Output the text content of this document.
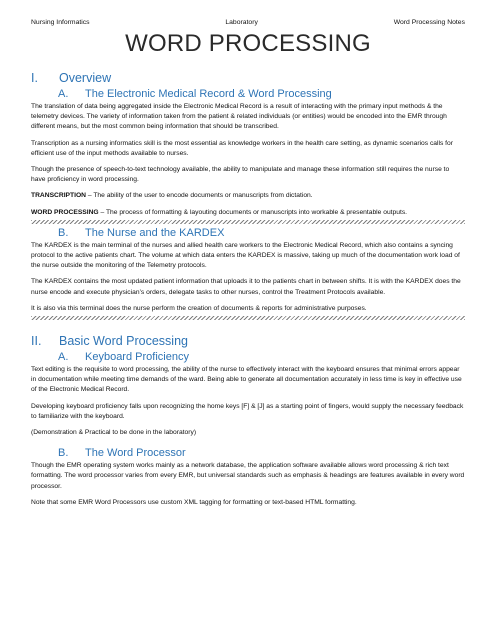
Nursing Informatics	Laboratory	Word Processing Notes
WORD PROCESSING
I.	Overview
A.	The Electronic Medical Record & Word Processing

The translation of data being aggregated inside the Electronic Medical Record is a result of interacting with the primary input methods & the telemetry devices. The variety of information taken from the patient & related individuals (or entities) would be encoded into the EMR through different means, but the most common being information that should be transcribed.

Transcription as a nursing informatics skill is the most essential as knowledge workers in the health care setting, as dynamic scenarios calls for efficient use of the input methods available to nurses.

Though the presence of speech-to-text technology available, the ability to manipulate and manage these information still requires the nurse to have proficiency in word processing.

TRANSCRIPTION – The ability of the user to encode documents or manuscripts from dictation.

WORD PROCESSING – The process of formatting & layouting documents or manuscripts into workable & presentable outputs.

B.	The Nurse and the KARDEX

The KARDEX is the main terminal of the nurses and allied health care workers to the Electronic Medical Record, which also contains a syncing protocol to the active patients chart. The volume at which data enters the KARDEX is massive, taking up much of the documentation work load of the nurse outside the monitoring of the Telemetry protocols.

The KARDEX contains the most updated patient information that uploads it to the patients chart in between shifts. It is with the KARDEX does the nurse encode and execute physician’s orders, delegate tasks to other nurses, control the Treatment Protocols available.

It is also via this terminal does the nurse perform the creation of documents & reports for administrative purposes.

II.	Basic Word Processing
A.	Keyboard Proficiency

Text editing is the requisite to word processing, the ability of the nurse to effectively interact with the keyboard ensures that minimal errors appear in documentation while meeting time demands of the ward. Being able to generate all documentation accurately in less time is key in effective use of the Electronic Medical Record.

Developing keyboard proficiency falls upon recognizing the home keys [F] & [J] as a starting point of fingers, would supply the necessary feedback to familiarize with the keyboard.

(Demonstration & Practical to be done in the laboratory)

B.	The Word Processor

Though the EMR operating system works mainly as a network database, the application software available allows word processing & rich text formatting. The word processor varies from every EMR, but universal standards such as emphasis & headings are features available in every word processor.

Note that some EMR Word Processors use custom XML tagging for formatting or text-based HTML formatting.
